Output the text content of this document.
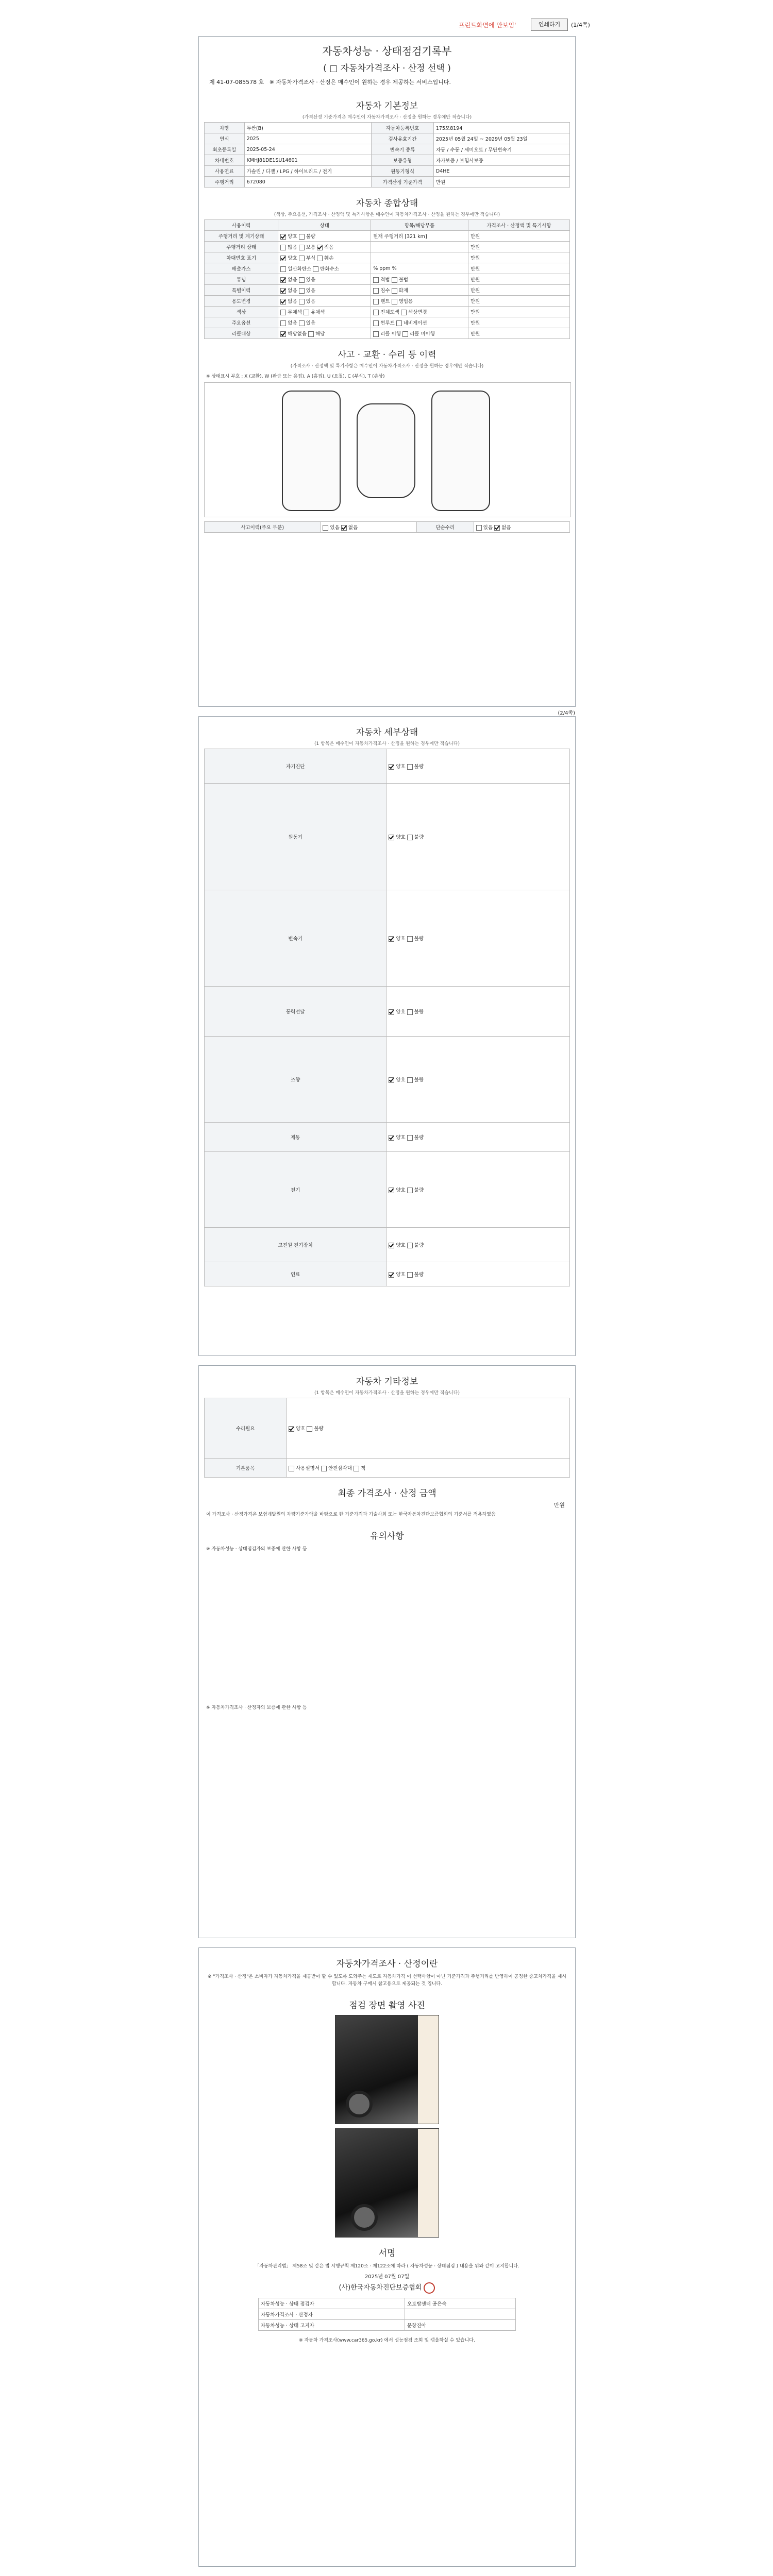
프린트화면에 안보임'	인쇄하기	(1/4쪽)
자동차성능 · 상태점검기록부
( □ 자동차가격조사 · 산정 선택 )
제 41-07-085578 호 ※ 자동차가격조사 · 산정은 매수인이 원하는 경우 제공하는 서비스입니다.
자동차 기본정보
(가격산정 기준가격은 매수인이 자동차가격조사 · 산정을 원하는 경우에만 적습니다)
차명	투싼(B)	자동차등록번호	175모8194
연식	2025	검사유효기간	2025년 05월 24일 ~ 2029년 05월 23일
최초등록일	2025-05-24	변속기 종류	자동 / 수동 / 세미오토 / 무단변속기
차대번호	KMHJ81DE1SU14601	보증유형	자가보증 / 보험사보증
사용연료	가솔린 / 디젤 / LPG / 하이브리드 / 전기	원동기형식	D4HE
주행거리	672080	가격산정 기준가격	만원
자동차 종합상태
(색상, 주요옵션, 가격조사 · 산정액 및 특기사항은 매수인이 자동차가격조사 · 산정을 원하는 경우에만 적습니다)
사용이력	상태	항목/해당부품	가격조사 · 산정액 및 특기사항
주행거리 및 계기상태	양호 불량	현재 주행거리 [321 km]	만원
주행거리 상태	많음 보통 적음		만원
차대번호 표기	양호 부식 훼손		만원
배출가스	일산화탄소 탄화수소	% ppm %	만원
튜닝	없음 있음	적법 불법	만원
특별이력	없음 있음	침수 화재	만원
용도변경	없음 있음	렌트 영업용	만원
색상	무채색 유채색	전체도색 색상변경	만원
주요옵션	없음 있음	썬루프 네비게이션	만원
리콜대상	해당없음 해당	리콜 이행 리콜 미이행	만원
사고 · 교환 · 수리 등 이력
(가격조사 · 산정액 및 특기사항은 매수인이 자동차가격조사 · 산정을 원하는 경우에만 적습니다)
※ 상태표시 부호 : X (교환), W (판금 또는 용접), A (흠집), U (요철), C (부식), T (손상)
사고이력(주요 부분)	있음 없음	단순수리	있음 없음
(2/4쪽)
자동차 세부상태
(1 항목은 매수인이 자동차가격조사 · 산정을 원하는 경우에만 적습니다)
자기진단	양호 불량
원동기	양호 불량
변속기	양호 불량
동력전달	양호 불량
조향	양호 불량
제동	양호 불량
전기	양호 불량
고전원 전기장치	양호 불량
연료	양호 불량
자동차 기타정보
(1 항목은 매수인이 자동차가격조사 · 산정을 원하는 경우에만 적습니다)
수리필요	양호 불량
기본품목	사용설명서 안전삼각대 잭
최종 가격조사 · 산정 금액
만원
이 가격조사 · 산정가격은 보험개발원의 차량기준가액을 바탕으로 한 기준가격과 기술사회 또는 한국자동차진단보증협회의 기준서를 적용하였음
유의사항
※ 자동차성능 · 상태점검자의 보증에 관한 사항 등
※ 자동차가격조사 · 산정자의 보증에 관한 사항 등
자동차가격조사 · 산정이란
※ "가격조사 · 산정"은 소비자가 자동차가격을 제공받아 할 수 있도록 도와주는 제도로 자동차가격 이 선택사항이 아닌 기준가격과 주행거리를 반영하여 공정한 중고차가격을 제시합니다. 자동차 구매시 참고용으로 제공되는 것 입니다.
점검 장면 촬영 사진
서명
「자동차관리법」 제58조 및 같은 법 시행규칙 제120조 · 제122조에 따라 ( 자동차성능 · 상태점검 ) 내용을 위와 같이 고지합니다.
2025년 07월 07일
(사)한국자동차진단보증협회
자동차성능 · 상태 점검자	오토탑센터 공은숙
자동차가격조사 · 산정자	
자동차성능 · 상태 고지자	문창진아
※ 자동차 가격조사(www.car365.go.kr) 에서 성능점검 조회 및 캡을하실 수 있습니다.
